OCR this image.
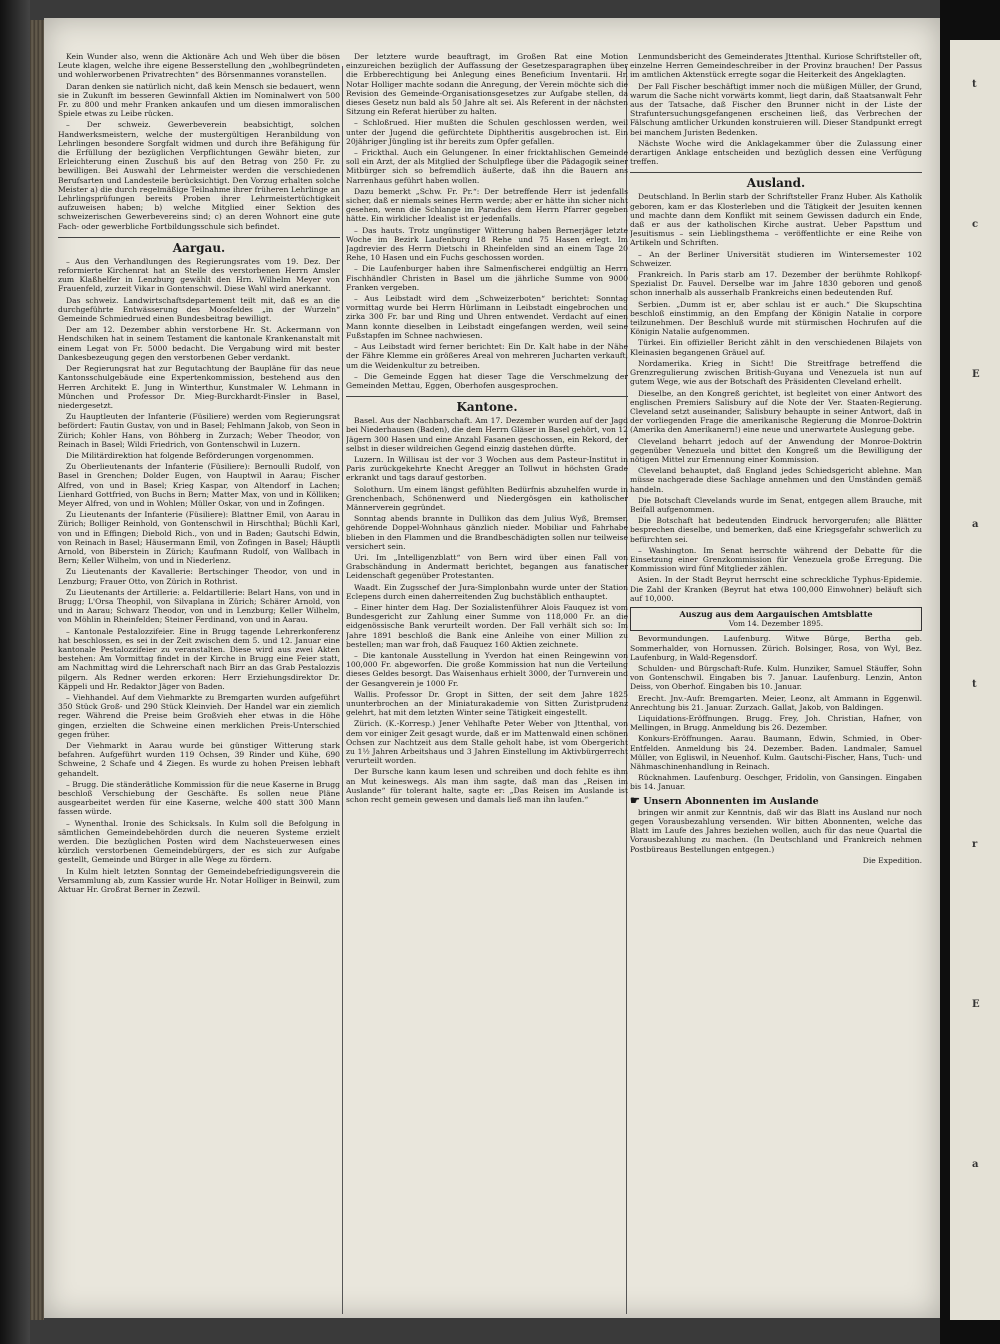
t
c
E
a
t
r
E
a

Kein Wunder also, wenn die Aktionäre Ach und Weh über die bösen Leute klagen, welche ihre eigene Besserstellung den „wohlbegründeten und wohlerworbenen Privatrechten“ des Börsenmannes voranstellen.

Daran denken sie natürlich nicht, daß kein Mensch sie bedauert, wenn sie in Zukunft im besseren Gewinnfall Aktien im Nominalwert von 500 Fr. zu 800 und mehr Franken ankaufen und um diesen immoralischen Spiele etwas zu Leibe rücken.

– Der schweiz. Gewerbeverein beabsichtigt, solchen Handwerksmeistern, welche der mustergültigen Heranbildung von Lehrlingen besondere Sorgfalt widmen und durch ihre Befähigung für die Erfüllung der bezüglichen Verpflichtungen Gewähr bieten, zur Erleichterung einen Zuschuß bis auf den Betrag von 250 Fr. zu bewilligen. Bei Auswahl der Lehrmeister werden die verschiedenen Berufsarten und Landesteile berücksichtigt. Den Vorzug erhalten solche Meister a) die durch regelmäßige Teilnahme ihrer früheren Lehrlinge an Lehrlingsprüfungen bereits Proben ihrer Lehrmeistertüchtigkeit aufzuweisen haben; b) welche Mitglied einer Sektion des schweizerischen Gewerbevereins sind; c) an deren Wohnort eine gute Fach- oder gewerbliche Fortbildungsschule sich befindet.

Aargau.

– Aus den Verhandlungen des Regierungsrates vom 19. Dez. Der reformierte Kirchenrat hat an Stelle des verstorbenen Herrn Amsler zum Klaßhelfer in Lenzburg gewählt den Hrn. Wilhelm Meyer von Frauenfeld, zurzeit Vikar in Gontenschwil. Diese Wahl wird anerkannt.

Das schweiz. Landwirtschaftsdepartement teilt mit, daß es an die durchgeführte Entwässerung des Moosfeldes „in der Wurzeln“ Gemeinde Schmiedrued einen Bundesbeitrag bewilligt.

Der am 12. Dezember abhin verstorbene Hr. St. Ackermann von Hendschiken hat in seinem Testament die kantonale Krankenanstalt mit einem Legat von Fr. 5000 bedacht. Die Vergabung wird mit bester Dankesbezeugung gegen den verstorbenen Geber verdankt.

Der Regierungsrat hat zur Begutachtung der Baupläne für das neue Kantonsschulgebäude eine Expertenkommission, bestehend aus den Herren Architekt E. Jung in Winterthur, Kunstmaler W. Lehmann in München und Professor Dr. Mieg-Burckhardt-Finsler in Basel, niedergesetzt.

Zu Hauptleuten der Infanterie (Füsiliere) werden vom Regierungsrat befördert: Fautin Gustav, von und in Basel; Fehlmann Jakob, von Seon in Zürich; Kohler Hans, von Böhberg in Zurzach; Weber Theodor, von Reinach in Basel; Wildi Friedrich, von Gontenschwil in Luzern.

Die Militärdirektion hat folgende Beförderungen vorgenommen.

Zu Oberlieutenants der Infanterie (Füsiliere): Bernoulli Rudolf, von Basel in Grenchen; Dolder Eugen, von Hauptwil in Aarau; Fischer Alfred, von und in Basel; Krieg Kaspar, von Altendorf in Lachen; Lienhard Gottfried, von Buchs in Bern; Matter Max, von und in Kölliken; Meyer Alfred, von und in Wohlen; Müller Oskar, von und in Zofingen.

Zu Lieutenants der Infanterie (Füsiliere): Blattner Emil, von Aarau in Zürich; Bolliger Reinhold, von Gontenschwil in Hirschthal; Büchli Karl, von und in Effingen; Diebold Rich., von und in Baden; Gautschi Edwin, von Reinach in Basel; Häusermann Emil, von Zofingen in Basel; Häuptli Arnold, von Biberstein in Zürich; Kaufmann Rudolf, von Wallbach in Bern; Keller Wilhelm, von und in Niederlenz.

Zu Lieutenants der Kavallerie: Bertschinger Theodor, von und in Lenzburg; Frauer Otto, von Zürich in Rothrist.

Zu Lieutenants der Artillerie: a. Feldartillerie: Belart Hans, von und in Brugg; L'Orsa Theophil, von Silvaplana in Zürich; Schärer Arnold, von und in Aarau; Schwarz Theodor, von und in Lenzburg; Keller Wilhelm, von Möhlin in Rheinfelden; Steiner Ferdinand, von und in Aarau.

– Kantonale Pestalozzifeier. Eine in Brugg tagende Lehrerkonferenz hat beschlossen, es sei in der Zeit zwischen dem 5. und 12. Januar eine kantonale Pestalozzifeier zu veranstalten. Diese wird aus zwei Akten bestehen: Am Vormittag findet in der Kirche in Brugg eine Feier statt, am Nachmittag wird die Lehrerschaft nach Birr an das Grab Pestalozzis pilgern. Als Redner werden erkoren: Herr Erziehungsdirektor Dr. Käppeli und Hr. Redaktor Jäger von Baden.

– Viehhandel. Auf dem Viehmarkte zu Bremgarten wurden aufgeführt 350 Stück Groß- und 290 Stück Kleinvieh. Der Handel war ein ziemlich reger. Während die Preise beim Großvieh eher etwas in die Höhe gingen, erzielten die Schweine einen merklichen Preis-Unterschied gegen früher.

Der Viehmarkt in Aarau wurde bei günstiger Witterung stark befahren. Aufgeführt wurden 119 Ochsen, 39 Rinder und Kühe, 690 Schweine, 2 Schafe und 4 Ziegen. Es wurde zu hohen Preisen lebhaft gehandelt.

– Brugg. Die ständerätliche Kommission für die neue Kaserne in Brugg beschloß Verschiebung der Geschäfte. Es sollen neue Pläne ausgearbeitet werden für eine Kaserne, welche 400 statt 300 Mann fassen würde.

– Wynenthal. Ironie des Schicksals. In Kulm soll die Befolgung in sämtlichen Gemeindebehörden durch die neueren Systeme erzielt werden. Die bezüglichen Posten wird dem Nachsteuerwesen eines kürzlich verstorbenen Gemeindebürgers, der es sich zur Aufgabe gestellt, Gemeinde und Bürger in alle Wege zu fördern.

In Kulm hielt letzten Sonntag der Gemeindebefriedigungsverein die Versammlung ab, zum Kassier wurde Hr. Notar Holliger in Beinwil, zum Aktuar Hr. Großrat Berner in Zezwil.

Der letztere wurde beauftragt, im Großen Rat eine Motion einzureichen bezüglich der Auffassung der Gesetzesparagraphen über die Erbberechtigung bei Anlegung eines Beneficium Inventarii. Hr. Notar Holliger machte sodann die Anregung, der Verein möchte sich die Revision des Gemeinde-Organisationsgesetzes zur Aufgabe stellen, da dieses Gesetz nun bald als 50 Jahre alt sei. Als Referent in der nächsten Sitzung ein Referat hierüber zu halten.

– Schloßrued. Hier mußten die Schulen geschlossen werden, weil unter der Jugend die gefürchtete Diphtheritis ausgebrochen ist. Ein 20jähriger Jüngling ist ihr bereits zum Opfer gefallen.

– Frickthal. Auch ein Gelungener. In einer fricktahlischen Gemeinde soll ein Arzt, der als Mitglied der Schulpflege über die Pädagogik seiner Mitbürger sich so befremdlich äußerte, daß ihn die Bauern ans Narrenhaus geführt haben wollen.

Dazu bemerkt „Schw. Fr. Pr.“: Der betreffende Herr ist jedenfalls sicher, daß er niemals seines Herrn werde; aber er hätte ihn sicher nicht gesehen, wenn die Schlange im Paradies dem Herrn Pfarrer gegeben hätte. Ein wirklicher Idealist ist er jedenfalls.

– Das hauts. Trotz ungünstiger Witterung haben Bernerjäger letzte Woche im Bezirk Laufenburg 18 Rehe und 75 Hasen erlegt. Im Jagdrevier des Herrn Dietschi in Rheinfelden sind an einem Tage 20 Rehe, 10 Hasen und ein Fuchs geschossen worden.

– Die Laufenburger haben ihre Salmenfischerei endgültig an Herrn Fischhändler Christen in Basel um die jährliche Summe von 9000 Franken vergeben.

– Aus Leibstadt wird dem „Schweizerboten“ berichtet: Sonntag vormittag wurde bei Herrn Hürlimann in Leibstadt eingebrochen und zirka 300 Fr. bar und Ring und Uhren entwendet. Verdacht auf einen Mann konnte dieselben in Leibstadt eingefangen werden, weil seine Fußstapfen im Schnee nachwiesen.

– Aus Leibstadt wird ferner berichtet: Ein Dr. Kalt habe in der Nähe der Fähre Klemme ein größeres Areal von mehreren Jucharten verkauft, um die Weidenkultur zu betreiben.

– Die Gemeinde Eggen hat dieser Tage die Verschmelzung der Gemeinden Mettau, Eggen, Oberhofen ausgesprochen.

Kantone.

Basel. Aus der Nachbarschaft. Am 17. Dezember wurden auf der Jagd bei Niederhausen (Baden), die dem Herrn Gläser in Basel gehört, von 12 Jägern 300 Hasen und eine Anzahl Fasanen geschossen, ein Rekord, der selbst in dieser wildreichen Gegend einzig dastehen dürfte.

Luzern. In Willisau ist der vor 3 Wochen aus dem Pasteur-Institut in Paris zurückgekehrte Knecht Aregger an Tollwut in höchsten Grade erkrankt und tags darauf gestorben.

Solothurn. Um einem längst gefühlten Bedürfnis abzuhelfen wurde in Grenchenbach, Schönenwerd und Niedergösgen ein katholischer Männerverein gegründet.

Sonntag abends brannte in Dullikon das dem Julius Wyß, Bremser, gehörende Doppel-Wohnhaus gänzlich nieder. Mobiliar und Fahrhabe blieben in den Flammen und die Brandbeschädigten sollen nur teilweise versichert sein.

Uri. Im „Intelligenzblatt“ von Bern wird über einen Fall von Grabschändung in Andermatt berichtet, begangen aus fanatischer Leidenschaft gegenüber Protestanten.

Waadt. Ein Zugsschef der Jura-Simplonbahn wurde unter der Station Eclepens durch einen daherreitenden Zug buchstäblich enthauptet.

– Einer hinter dem Hag. Der Sozialistenführer Alois Fauquez ist vom Bundesgericht zur Zahlung einer Summe von 118,000 Fr. an die eidgenössische Bank verurteilt worden. Der Fall verhält sich so: Im Jahre 1891 beschloß die Bank eine Anleihe von einer Million zu bestellen; man war froh, daß Fauquez 160 Aktien zeichnete.

– Die kantonale Ausstellung in Yverdon hat einen Reingewinn von 100,000 Fr. abgeworfen. Die große Kommission hat nun die Verteilung dieses Geldes besorgt. Das Waisenhaus erhielt 3000, der Turnverein und der Gesangverein je 1000 Fr.

Wallis. Professor Dr. Gropt in Sitten, der seit dem Jahre 1825 ununterbrochen an der Miniaturakademie von Sitten Zuristprudenz gelehrt, hat mit dem letzten Winter seine Tätigkeit eingestellt.

Zürich. (K.-Korresp.) Jener Vehlhafte Peter Weber von Jttenthal, von dem vor einiger Zeit gesagt wurde, daß er im Mattenwald einen schönen Ochsen zur Nachtzeit aus dem Stalle geholt habe, ist vom Obergericht zu 1½ Jahren Arbeitshaus und 3 Jahren Einstellung im Aktivbürgerrecht verurteilt worden.

Der Bursche kann kaum lesen und schreiben und doch fehlte es ihm an Mut keineswegs. Als man ihm sagte, daß man das „Reisen im Auslande“ für tolerant halte, sagte er: „Das Reisen im Auslande ist schon recht gemein gewesen und damals ließ man ihn laufen.“

Lenmundsbericht des Gemeinderates Jttenthal. Kuriose Schriftsteller oft, einzelne Herren Gemeindeschreiber in der Provinz brauchen! Der Passus im amtlichen Aktenstück erregte sogar die Heiterkeit des Angeklagten.

Der Fall Fischer beschäftigt immer noch die müßigen Müller, der Grund, warum die Sache nicht vorwärts kommt, liegt darin, daß Staatsanwalt Fehr aus der Tatsache, daß Fischer den Brunner nicht in der Liste der Strafuntersuchungsgefangenen erscheinen ließ, das Verbrechen der Fälschung amtlicher Urkunden konstruieren will. Dieser Standpunkt erregt bei manchem Juristen Bedenken.

Nächste Woche wird die Anklagekammer über die Zulassung einer derartigen Anklage entscheiden und bezüglich dessen eine Verfügung treffen.

Ausland.

Deutschland. In Berlin starb der Schriftsteller Franz Huber. Als Katholik geboren, kam er das Klosterleben und die Tätigkeit der Jesuiten kennen und machte dann dem Konflikt mit seinem Gewissen dadurch ein Ende, daß er aus der katholischen Kirche austrat. Ueber Papsttum und Jesuitismus – sein Lieblingsthema – veröffentlichte er eine Reihe von Artikeln und Schriften.

– An der Berliner Universität studieren im Wintersemester 102 Schweizer.

Frankreich. In Paris starb am 17. Dezember der berühmte Rohlkopf-Spezialist Dr. Fauvel. Derselbe war im Jahre 1830 geboren und genoß schon innerhalb als ausserhalb Frankreichs einen bedeutenden Ruf.

Serbien. „Dumm ist er, aber schlau ist er auch.“ Die Skupschtina beschloß einstimmig, an den Empfang der Königin Natalie in corpore teilzunehmen. Der Beschluß wurde mit stürmischen Hochrufen auf die Königin Natalie aufgenommen.

Türkei. Ein offizieller Bericht zählt in den verschiedenen Bilajets von Kleinasien begangenen Gräuel auf.

Nordamerika. Krieg in Sicht! Die Streitfrage betreffend die Grenzregulierung zwischen British-Guyana und Venezuela ist nun auf gutem Wege, wie aus der Botschaft des Präsidenten Cleveland erhellt.

Dieselbe, an den Kongreß gerichtet, ist begleitet von einer Antwort des englischen Premiers Salisbury auf die Note der Ver. Staaten-Regierung. Cleveland setzt auseinander, Salisbury behaupte in seiner Antwort, daß in der vorliegenden Frage die amerikanische Regierung die Monroe-Doktrin (Amerika den Amerikanern!) eine neue und unerwartete Auslegung gebe.

Cleveland beharrt jedoch auf der Anwendung der Monroe-Doktrin gegenüber Venezuela und bittet den Kongreß um die Bewilligung der nötigen Mittel zur Ernennung einer Kommission.

Cleveland behauptet, daß England jedes Schiedsgericht ablehne. Man müsse nachgerade diese Sachlage annehmen und den Umständen gemäß handeln.

Die Botschaft Clevelands wurde im Senat, entgegen allem Brauche, mit Beifall aufgenommen.

Die Botschaft hat bedeutenden Eindruck hervorgerufen; alle Blätter besprechen dieselbe, und bemerken, daß eine Kriegsgefahr schwerlich zu befürchten sei.

– Washington. Im Senat herrschte während der Debatte für die Einsetzung einer Grenzkommission für Venezuela große Erregung. Die Kommission wird fünf Mitglieder zählen.

Asien. In der Stadt Beyrut herrscht eine schreckliche Typhus-Epidemie. Die Zahl der Kranken (Beyrut hat etwa 100,000 Einwohner) beläuft sich auf 10,000.

Auszug aus dem Aargauischen Amtsblatte
Vom 14. Dezember 1895.

Bevormundungen. Laufenburg. Witwe Bürge, Bertha geb. Sommerhalder, von Hornussen. Zürich. Bolsinger, Rosa, von Wyl, Bez. Laufenburg, in Wald-Regensdorf.

Schulden- und Bürgschaft-Rufe. Kulm. Hunziker, Samuel Stäuffer, Sohn von Gontenschwil. Eingaben bis 7. Januar. Laufenburg. Lenzin, Anton Deiss, von Oberhof. Eingaben bis 10. Januar.

Erecht. Jnv.-Aufr. Bremgarten. Meier, Leonz, alt Ammann in Eggenwil. Anrechtung bis 21. Januar. Zurzach. Gallat, Jakob, von Baldingen.

Liquidations-Eröffnungen. Brugg. Frey, Joh. Christian, Hafner, von Mellingen, in Brugg. Anmeldung bis 26. Dezember.

Konkurs-Eröffnungen. Aarau. Baumann, Edwin, Schmied, in Ober-Entfelden. Anmeldung bis 24. Dezember. Baden. Landmaler, Samuel Müller, von Egliswil, in Neuenhof. Kulm. Gautschi-Fischer, Hans, Tuch- und Nähmaschinenhandlung in Reinach.

Rücknahmen. Laufenburg. Oeschger, Fridolin, von Gansingen. Eingaben bis 14. Januar.

☛ Unsern Abonnenten im Auslande

bringen wir anmit zur Kenntnis, daß wir das Blatt ins Ausland nur noch gegen Vorausbezahlung versenden. Wir bitten Abonnenten, welche das Blatt im Laufe des Jahres beziehen wollen, auch für das neue Quartal die Vorausbezahlung zu machen. (In Deutschland und Frankreich nehmen Postbüreaus Bestellungen entgegen.)

Die Expedition.
